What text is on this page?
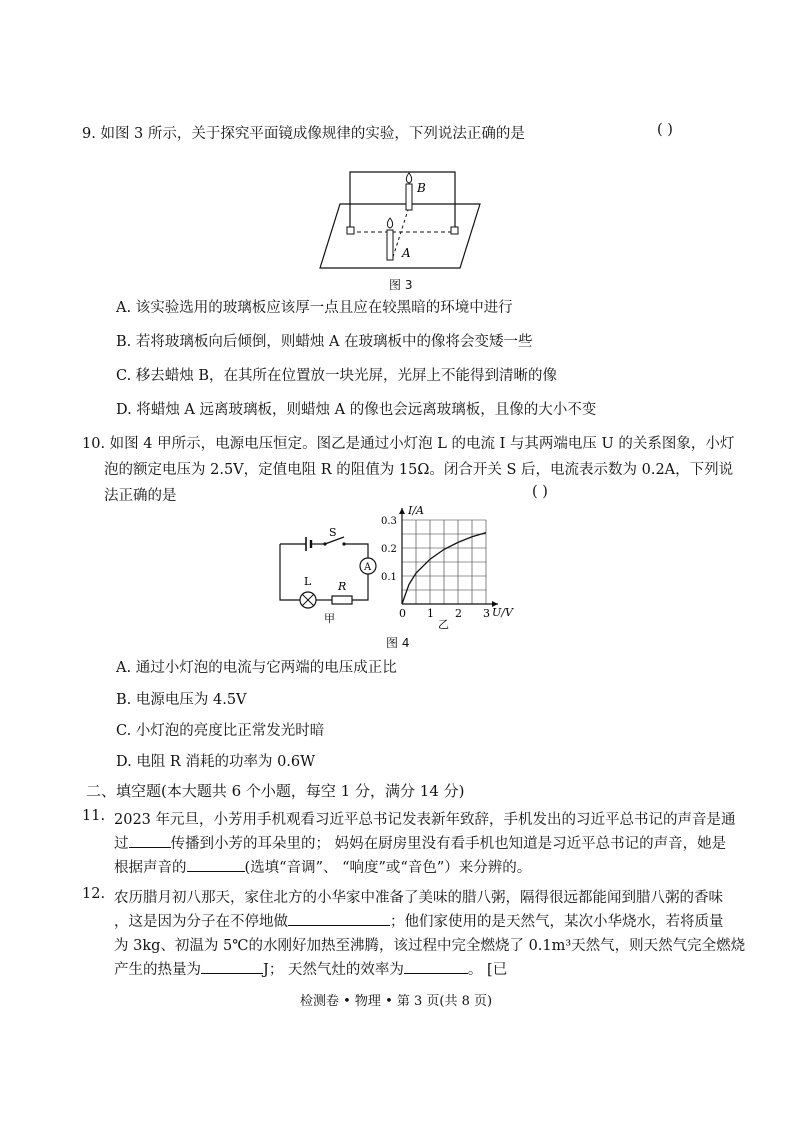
9. 如图 3 所示，关于探究平面镜成像规律的实验，下列说法正确的是	( )
B
A
图 3
A. 该实验选用的玻璃板应该厚一点且应在较黑暗的环境中进行
B. 若将玻璃板向后倾倒，则蜡烛 A 在玻璃板中的像将会变矮一些
C. 移去蜡烛 B，在其所在位置放一块光屏，光屏上不能得到清晰的像
D. 将蜡烛 A 远离玻璃板，则蜡烛 A 的像也会远离玻璃板，且像的大小不变
10. 如图 4 甲所示，电源电压恒定。图乙是通过小灯泡 L 的电流 I 与其两端电压 U 的关系图象，小灯
泡的额定电压为 2.5V，定值电阻 R 的阻值为 15Ω。闭合开关 S 后，电流表示数为 0.2A，下列说
法正确的是	( )
S
A
L R
甲	0 1 2 3
0.1
0.2
0.3
I/A
U/V
乙
图 4
A. 通过小灯泡的电流与它两端的电压成正比
B. 电源电压为 4.5V
C. 小灯泡的亮度比正常发光时暗
D. 电阻 R 消耗的功率为 0.6W
二、填空题(本大题共 6 个小题，每空 1 分，满分 14 分)
11. 2023 年元旦，小芳用手机观看习近平总书记发表新年致辞，手机发出的习近平总书记的声音是通
过	传播到小芳的耳朵里的； 妈妈在厨房里没有看手机也知道是习近平总书记的声音，她是
根据声音的	(选填“音调”、 “响度”或“音色”）来分辨的。
12. 农历腊月初八那天，家住北方的小华家中准备了美味的腊八粥，隔得很远都能闻到腊八粥的香味
，这是因为分子在不停地做	；他们家使用的是天然气，某次小华烧水，若将质量
为 3kg、初温为 5℃的水刚好加热至沸腾，该过程中完全燃烧了 0.1m³天然气，则天然气完全燃烧
产生的热量为	J； 天然气灶的效率为	。 [已
检测卷 • 物理 • 第 3 页(共 8 页)
